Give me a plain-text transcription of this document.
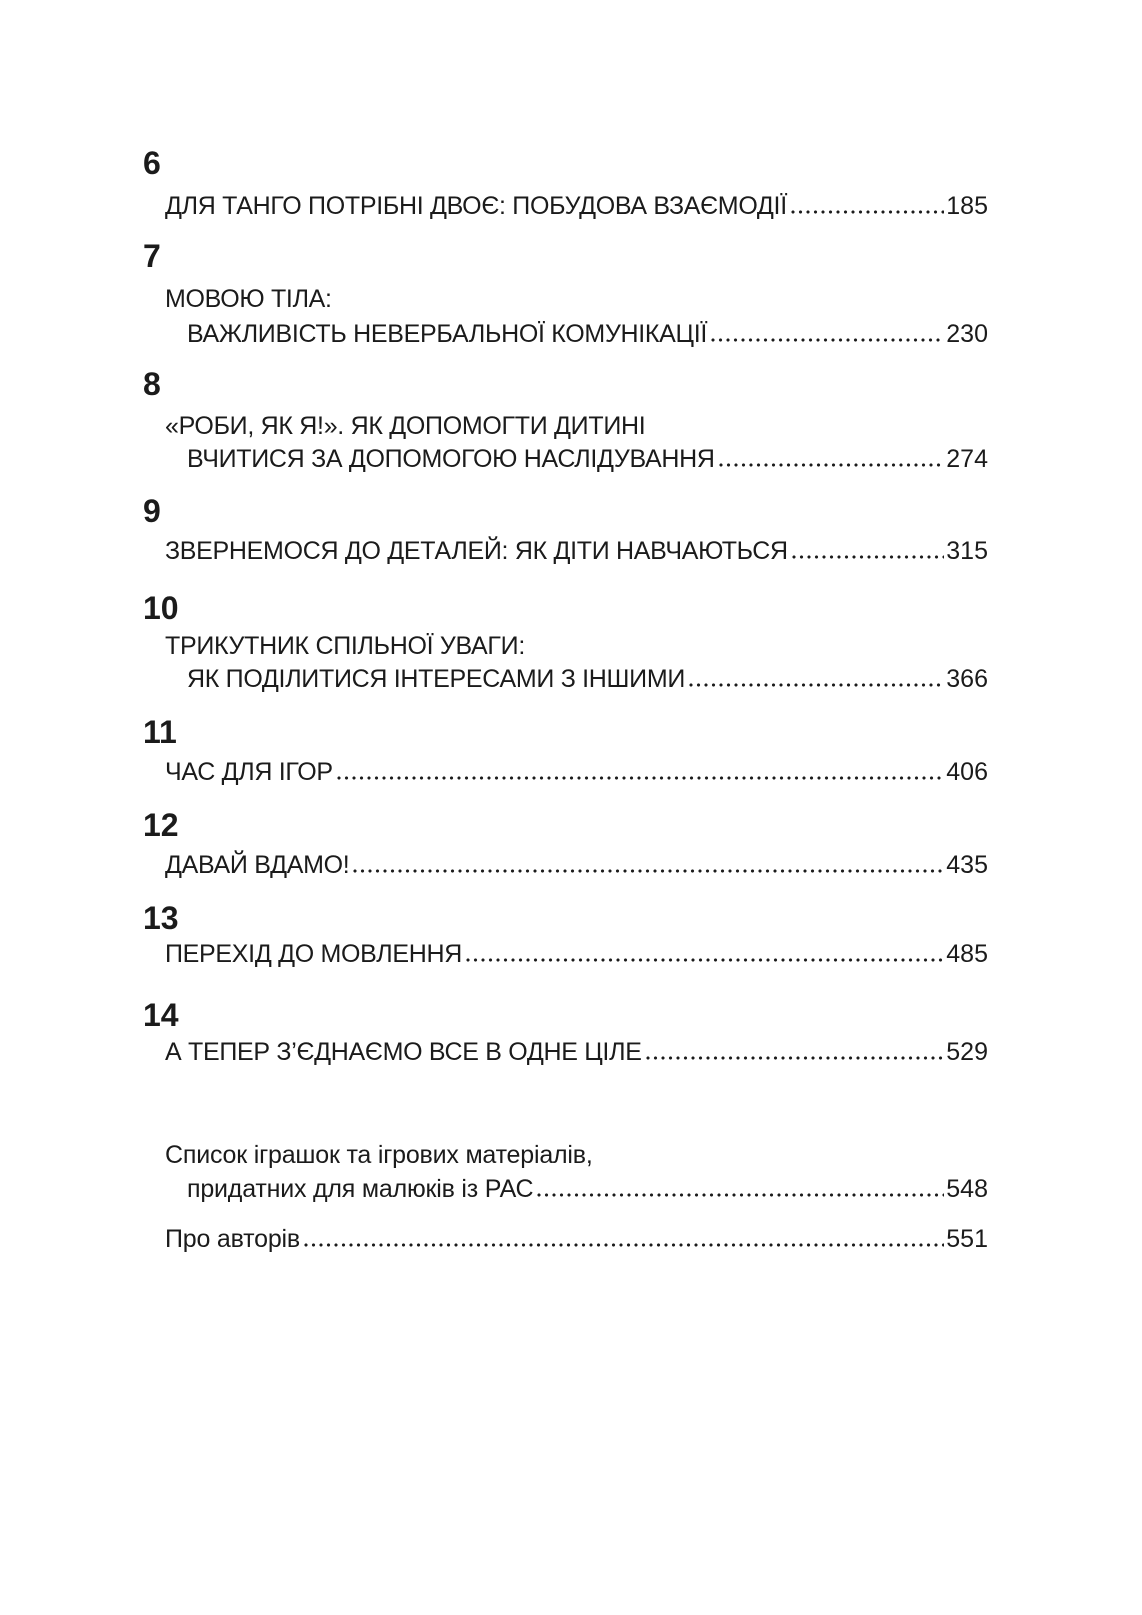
6
ДЛЯ ТАНГО ПОТРІБНІ ДВОЄ: ПОБУДОВА ВЗАЄМОДІЇ	185
7
МОВОЮ ТІЛА:
ВАЖЛИВІСТЬ НЕВЕРБАЛЬНОЇ КОМУНІКАЦІЇ	230
8
«РОБИ, ЯК Я!». ЯК ДОПОМОГТИ ДИТИНІ
ВЧИТИСЯ ЗА ДОПОМОГОЮ НАСЛІДУВАННЯ	274
9
ЗВЕРНЕМОСЯ ДО ДЕТАЛЕЙ: ЯК ДІТИ НАВЧАЮТЬСЯ	315
10
ТРИКУТНИК СПІЛЬНОЇ УВАГИ:
ЯК ПОДІЛИТИСЯ ІНТЕРЕСАМИ З ІНШИМИ	366
11
ЧАС ДЛЯ ІГОР	406
12
ДАВАЙ ВДАМО!	435
13
ПЕРЕХІД ДО МОВЛЕННЯ	485
14
А ТЕПЕР З’ЄДНАЄМО ВСЕ В ОДНЕ ЦІЛЕ	529
Список іграшок та ігрових матеріалів,
придатних для малюків із РАС	548
Про авторів	551
